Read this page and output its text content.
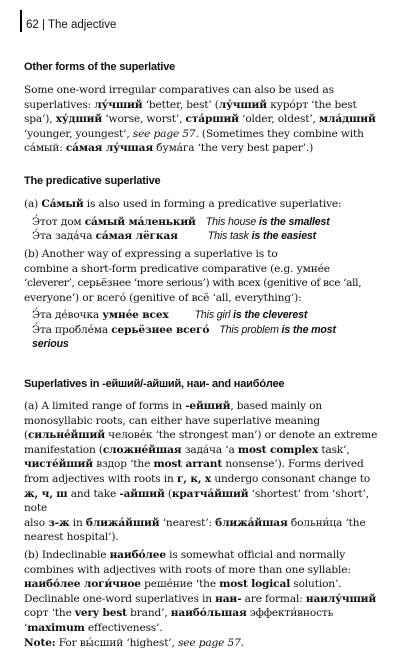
62 | The adjective
Other forms of the superlative

Some one-word irregular comparatives can also be used as

superlatives: лу́чший ‘better, best’ (лу́чший куро́рт ‘the best

spa’), ху́дший ‘worse, worst’, ста́рший ‘older, oldest’, мла́дший

‘younger, youngest’, see page 57. (Sometimes they combine with

са́мый: са́мая лу́чшая бума́га ‘the very best paper’.)

The predicative superlative

(a) Са́мый is also used in forming a predicative superlative:

Э́тот дом са́мый ма́ленький This house is the smallest

Э́та зада́ча са́мая лёгкая	This task is the easiest

(b) Another way of expressing a superlative is to

combine a short-form predicative comparative (e.g. умне́е

‘cleverer’, серьёзнее ‘more serious’) with всех (genitive of все ‘all,

everyone’) or всего́ (genitive of всё ‘all, everything’):

Э́та де́вочка умне́е всех This girl is the cleverest

Э́та пробле́ма серьёзнее всего́ This problem is the most

serious

Superlatives in -ейший/-айший, наи- and наибо́лее

(a) A limited range of forms in -ейший, based mainly on

monosyllabic roots, can either have superlative meaning

(сильне́йший челове́к ‘the strongest man’) or denote an extreme

manifestation (сложне́йшая зада́ча ‘a most complex task’,

чисте́йший вздор ‘the most arrant nonsense’). Forms derived

from adjectives with roots in г, к, х undergo consonant change to

ж, ч, ш and take -айший (кратча́йший ‘shortest’ from ‘short’, note

also з-ж in ближа́йший ‘nearest’: ближа́йшая больни́ца ‘the

nearest hospital’).

(b) Indeclinable наибо́лее is somewhat official and normally

combines with adjectives with roots of more than one syllable:

наибо́лее логи́чное реше́ние ‘the most logical solution’.

Declinable one-word superlatives in наи- are formal: наилу́чший

сорт ‘the very best brand’, наибо́льшая эффекти́вность

‘maximum effectiveness’.

Note: For вы́сший ‘highest’, see page 57.
